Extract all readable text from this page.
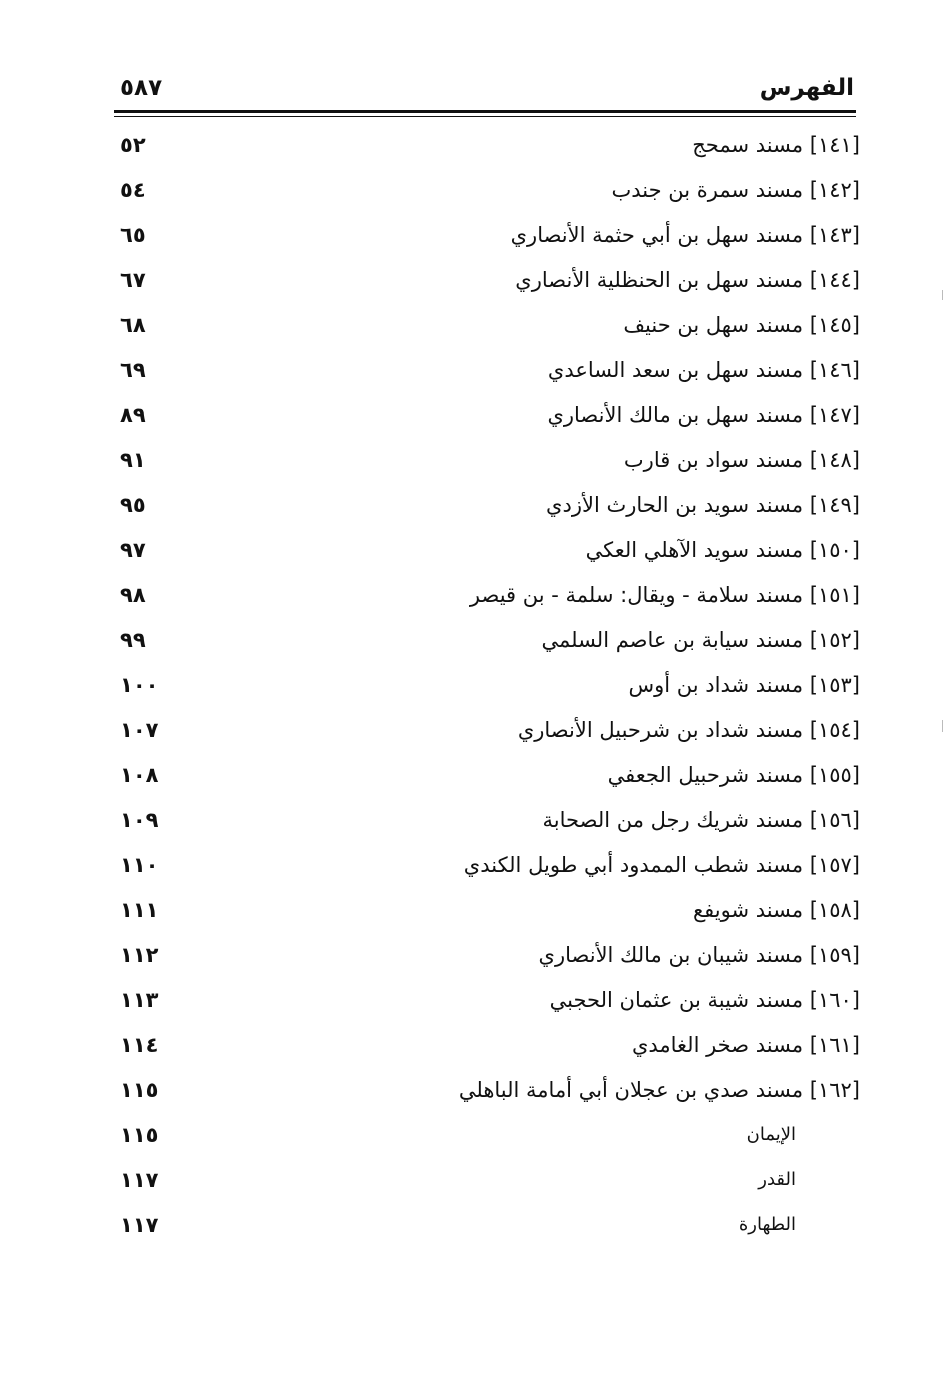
الفهرس
٥٨٧
[١٤١] مسند سمحج
٥٢
[١٤٢] مسند سمرة بن جندب
٥٤
[١٤٣] مسند سهل بن أبي حثمة الأنصاري
٦٥
[١٤٤] مسند سهل بن الحنظلية الأنصاري
٦٧
[١٤٥] مسند سهل بن حنيف
٦٨
[١٤٦] مسند سهل بن سعد الساعدي
٦٩
[١٤٧] مسند سهل بن مالك الأنصاري
٨٩
[١٤٨] مسند سواد بن قارب
٩١
[١٤٩] مسند سويد بن الحارث الأزدي
٩٥
[١٥٠] مسند سويد الآهلي العكي
٩٧
[١٥١] مسند سلامة - ويقال: سلمة - بن قيصر
٩٨
[١٥٢] مسند سيابة بن عاصم السلمي
٩٩
[١٥٣] مسند شداد بن أوس
١٠٠
[١٥٤] مسند شداد بن شرحبيل الأنصاري
١٠٧
[١٥٥] مسند شرحبيل الجعفي
١٠٨
[١٥٦] مسند شريك رجل من الصحابة
١٠٩
[١٥٧] مسند شطب الممدود أبي طويل الكندي
١١٠
[١٥٨] مسند شويفع
١١١
[١٥٩] مسند شيبان بن مالك الأنصاري
١١٢
[١٦٠] مسند شيبة بن عثمان الحجبي
١١٣
[١٦١] مسند صخر الغامدي
١١٤
[١٦٢] مسند صدي بن عجلان أبي أمامة الباهلي
١١٥
الإيمان
١١٥
القدر
١١٧
الطهارة
١١٧
